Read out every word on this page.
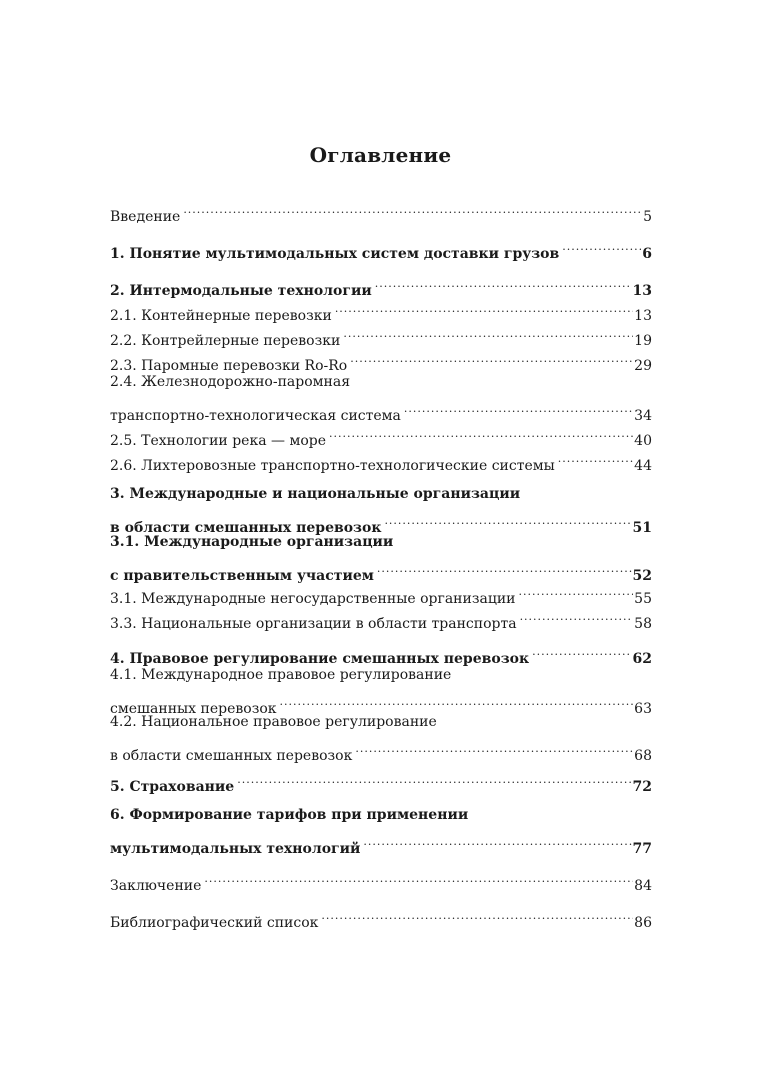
Оглавление
Введение .....	5
1. Понятие мультимодальных систем доставки грузов .....	6
2. Интермодальные технологии .....	13
2.1. Контейнерные перевозки .....	13
2.2. Контрейлерные перевозки .....	19
2.3. Паромные перевозки Ro-Ro .....	29
2.4. Железнодорожно-паромная
транспортно-технологическая система .....	34
2.5. Технологии река — море .....	40
2.6. Лихтеровозные транспортно-технологические системы .....	44
3. Международные и национальные организации
в области смешанных перевозок .....	51
3.1. Международные организации
с правительственным участием .....	52
3.1. Международные негосударственные организации .....	55
3.3. Национальные организации в области транспорта .....	58
4. Правовое регулирование смешанных перевозок .....	62
4.1. Международное правовое регулирование
смешанных перевозок .....	63
4.2. Национальное правовое регулирование
в области смешанных перевозок .....	68
5. Страхование .....	72
6. Формирование тарифов при применении
мультимодальных технологий .....	77
Заключение .....	84
Библиографический список .....	86
